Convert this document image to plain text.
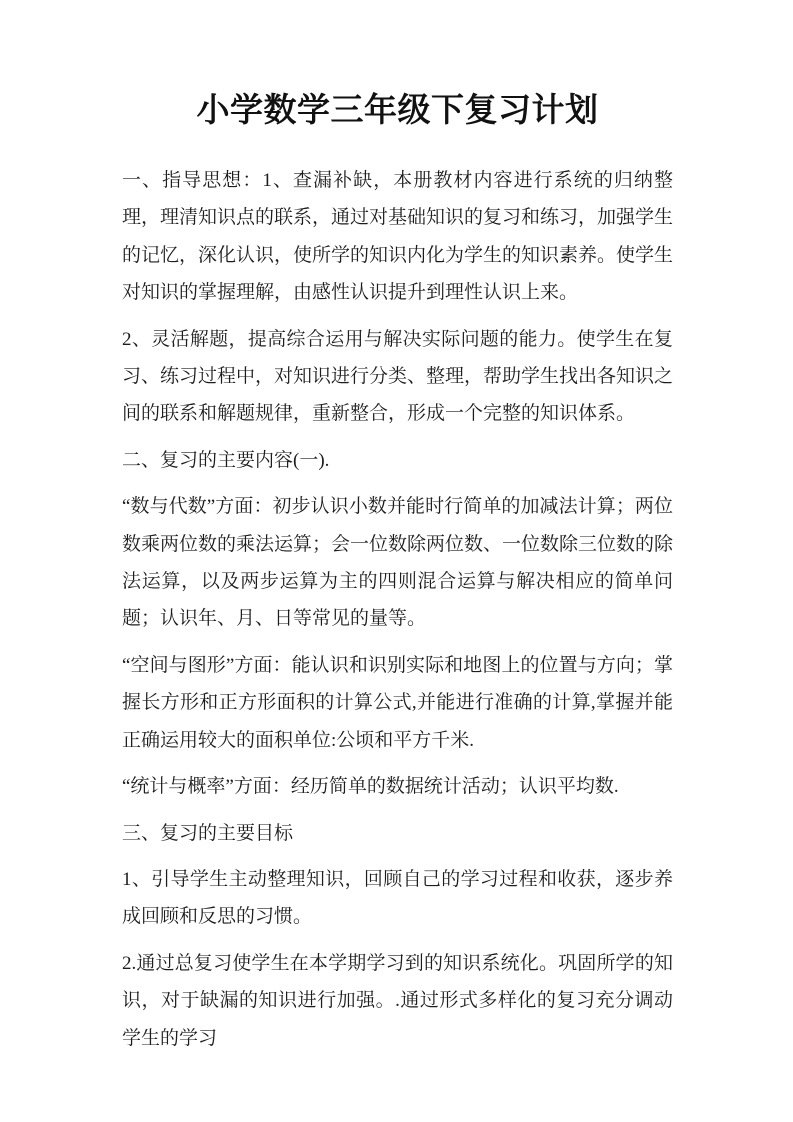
小学数学三年级下复习计划

一、指导思想：1、查漏补缺，本册教材内容进行系统的归纳整理，理清知识点的联系，通过对基础知识的复习和练习，加强学生的记忆，深化认识，使所学的知识内化为学生的知识素养。使学生对知识的掌握理解，由感性认识提升到理性认识上来。

2、灵活解题，提高综合运用与解决实际问题的能力。使学生在复习、练习过程中，对知识进行分类、整理，帮助学生找出各知识之间的联系和解题规律，重新整合，形成一个完整的知识体系。

二、复习的主要内容(一).

“数与代数”方面：初步认识小数并能时行简单的加减法计算；两位数乘两位数的乘法运算；会一位数除两位数、一位数除三位数的除法运算，以及两步运算为主的四则混合运算与解决相应的简单问题；认识年、月、日等常见的量等。

“空间与图形”方面：能认识和识别实际和地图上的位置与方向；掌握长方形和正方形面积的计算公式,并能进行准确的计算,掌握并能正确运用较大的面积单位:公顷和平方千米.

“统计与概率”方面：经历简单的数据统计活动；认识平均数.

三、复习的主要目标

1、引导学生主动整理知识，回顾自己的学习过程和收获，逐步养成回顾和反思的习惯。

2.通过总复习使学生在本学期学习到的知识系统化。巩固所学的知识，对于缺漏的知识进行加强。.通过形式多样化的复习充分调动学生的学习
